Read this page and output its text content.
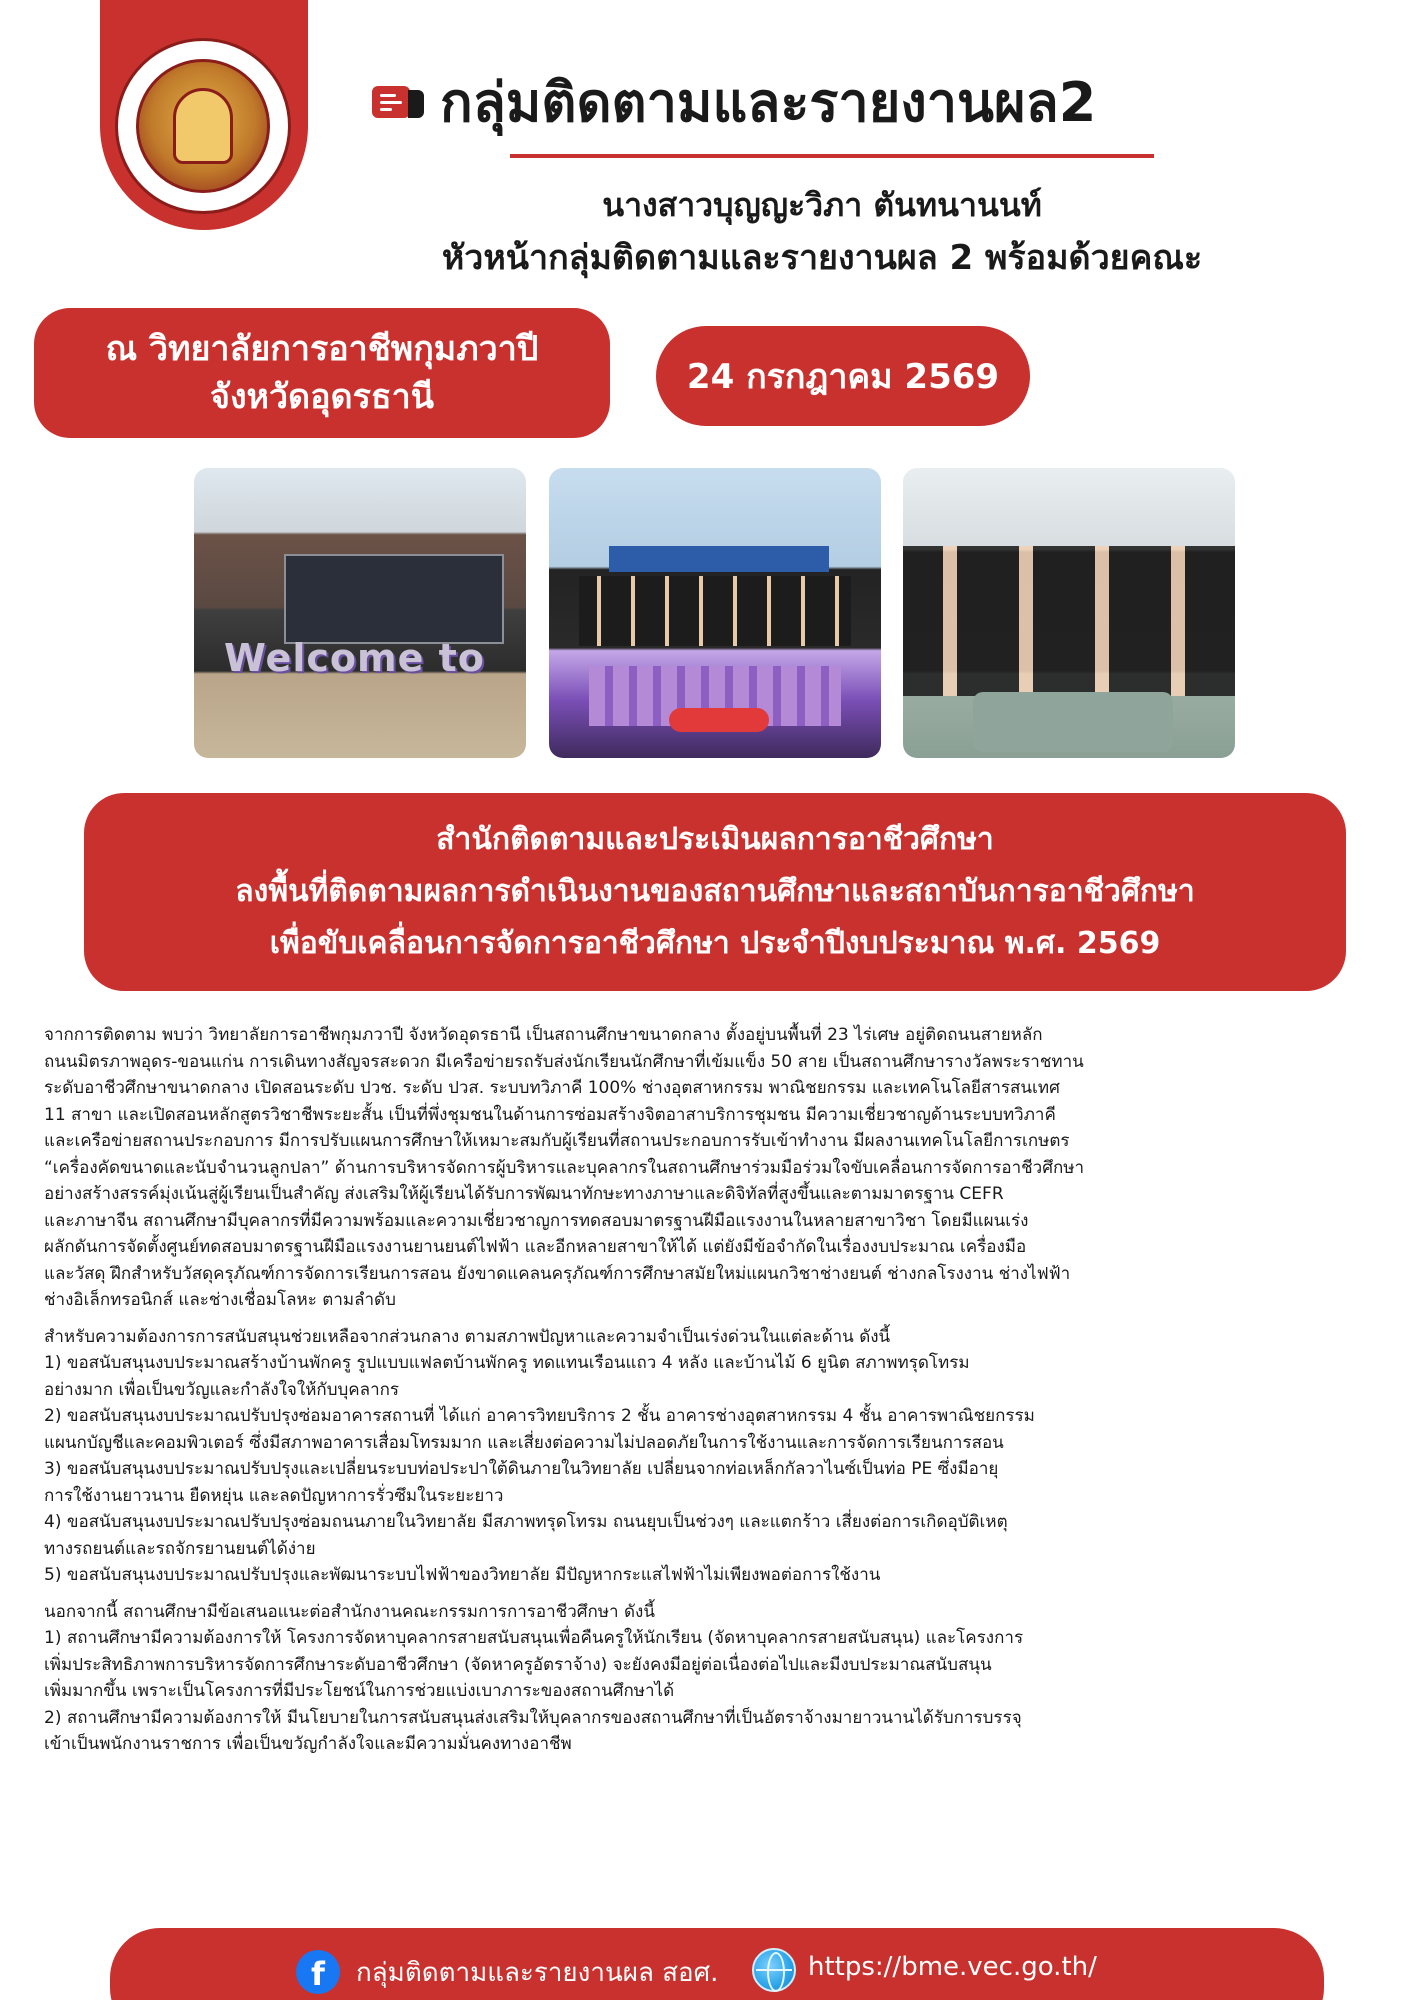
กลุ่มติดตามและรายงานผล2
นางสาวบุญญะวิภา ตันทนานนท์
หัวหน้ากลุ่มติดตามและรายงานผล 2 พร้อมด้วยคณะ
ณ วิทยาลัยการอาชีพกุมภวาปี
จังหวัดอุดรธานี	24 กรกฎาคม 2569
Welcome to
สำนักติดตามและประเมินผลการอาชีวศึกษา
ลงพื้นที่ติดตามผลการดำเนินงานของสถานศึกษาและสถาบันการอาชีวศึกษา
เพื่อขับเคลื่อนการจัดการอาชีวศึกษา ประจำปีงบประมาณ พ.ศ. 2569

จากการติดตาม พบว่า วิทยาลัยการอาชีพกุมภวาปี จังหวัดอุดรธานี เป็นสถานศึกษาขนาดกลาง ตั้งอยู่บนพื้นที่ 23 ไร่เศษ อยู่ติดถนนสายหลัก

ถนนมิตรภาพอุดร-ขอนแก่น การเดินทางสัญจรสะดวก มีเครือข่ายรถรับส่งนักเรียนนักศึกษาที่เข้มแข็ง 50 สาย เป็นสถานศึกษารางวัลพระราชทาน

ระดับอาชีวศึกษาขนาดกลาง เปิดสอนระดับ ปวช. ระดับ ปวส. ระบบทวิภาคี 100% ช่างอุตสาหกรรม พาณิชยกรรม และเทคโนโลยีสารสนเทศ

11 สาขา และเปิดสอนหลักสูตรวิชาชีพระยะสั้น เป็นที่พึ่งชุมชนในด้านการซ่อมสร้างจิตอาสาบริการชุมชน มีความเชี่ยวชาญด้านระบบทวิภาคี

และเครือข่ายสถานประกอบการ มีการปรับแผนการศึกษาให้เหมาะสมกับผู้เรียนที่สถานประกอบการรับเข้าทำงาน มีผลงานเทคโนโลยีการเกษตร

“เครื่องคัดขนาดและนับจำนวนลูกปลา” ด้านการบริหารจัดการผู้บริหารและบุคลากรในสถานศึกษาร่วมมือร่วมใจขับเคลื่อนการจัดการอาชีวศึกษา

อย่างสร้างสรรค์มุ่งเน้นสู่ผู้เรียนเป็นสำคัญ ส่งเสริมให้ผู้เรียนได้รับการพัฒนาทักษะทางภาษาและดิจิทัลที่สูงขึ้นและตามมาตรฐาน CEFR

และภาษาจีน สถานศึกษามีบุคลากรที่มีความพร้อมและความเชี่ยวชาญการทดสอบมาตรฐานฝีมือแรงงานในหลายสาขาวิชา โดยมีแผนเร่ง

ผลักดันการจัดตั้งศูนย์ทดสอบมาตรฐานฝีมือแรงงานยานยนต์ไฟฟ้า และอีกหลายสาขาให้ได้ แต่ยังมีข้อจำกัดในเรื่องงบประมาณ เครื่องมือ

และวัสดุ ฝึกสำหรับวัสดุครุภัณฑ์การจัดการเรียนการสอน ยังขาดแคลนครุภัณฑ์การศึกษาสมัยใหม่แผนกวิชาช่างยนต์ ช่างกลโรงงาน ช่างไฟฟ้า

ช่างอิเล็กทรอนิกส์ และช่างเชื่อมโลหะ ตามลำดับ

สำหรับความต้องการการสนับสนุนช่วยเหลือจากส่วนกลาง ตามสภาพปัญหาและความจำเป็นเร่งด่วนในแต่ละด้าน ดังนี้

1) ขอสนับสนุนงบประมาณสร้างบ้านพักครู รูปแบบแฟลตบ้านพักครู ทดแทนเรือนแถว 4 หลัง และบ้านไม้ 6 ยูนิต สภาพทรุดโทรม

อย่างมาก เพื่อเป็นขวัญและกำลังใจให้กับบุคลากร

2) ขอสนับสนุนงบประมาณปรับปรุงซ่อมอาคารสถานที่ ได้แก่ อาคารวิทยบริการ 2 ชั้น อาคารช่างอุตสาหกรรม 4 ชั้น อาคารพาณิชยกรรม

แผนกบัญชีและคอมพิวเตอร์ ซึ่งมีสภาพอาคารเสื่อมโทรมมาก และเสี่ยงต่อความไม่ปลอดภัยในการใช้งานและการจัดการเรียนการสอน

3) ขอสนับสนุนงบประมาณปรับปรุงและเปลี่ยนระบบท่อประปาใต้ดินภายในวิทยาลัย เปลี่ยนจากท่อเหล็กกัลวาไนซ์เป็นท่อ PE ซึ่งมีอายุ

การใช้งานยาวนาน ยืดหยุ่น และลดปัญหาการรั่วซึมในระยะยาว

4) ขอสนับสนุนงบประมาณปรับปรุงซ่อมถนนภายในวิทยาลัย มีสภาพทรุดโทรม ถนนยุบเป็นช่วงๆ และแตกร้าว เสี่ยงต่อการเกิดอุบัติเหตุ

ทางรถยนต์และรถจักรยานยนต์ได้ง่าย

5) ขอสนับสนุนงบประมาณปรับปรุงและพัฒนาระบบไฟฟ้าของวิทยาลัย มีปัญหากระแสไฟฟ้าไม่เพียงพอต่อการใช้งาน

นอกจากนี้ สถานศึกษามีข้อเสนอแนะต่อสำนักงานคณะกรรมการการอาชีวศึกษา ดังนี้

1) สถานศึกษามีความต้องการให้ โครงการจัดหาบุคลากรสายสนับสนุนเพื่อคืนครูให้นักเรียน (จัดหาบุคลากรสายสนับสนุน) และโครงการ

เพิ่มประสิทธิภาพการบริหารจัดการศึกษาระดับอาชีวศึกษา (จัดหาครูอัตราจ้าง) จะยังคงมีอยู่ต่อเนื่องต่อไปและมีงบประมาณสนับสนุน

เพิ่มมากขึ้น เพราะเป็นโครงการที่มีประโยชน์ในการช่วยแบ่งเบาภาระของสถานศึกษาได้

2) สถานศึกษามีความต้องการให้ มีนโยบายในการสนับสนุนส่งเสริมให้บุคลากรของสถานศึกษาที่เป็นอัตราจ้างมายาวนานได้รับการบรรจุ

เข้าเป็นพนักงานราชการ เพื่อเป็นขวัญกำลังใจและมีความมั่นคงทางอาชีพ

f	กลุ่มติดตามและรายงานผล สอศ.	https://bme.vec.go.th/
